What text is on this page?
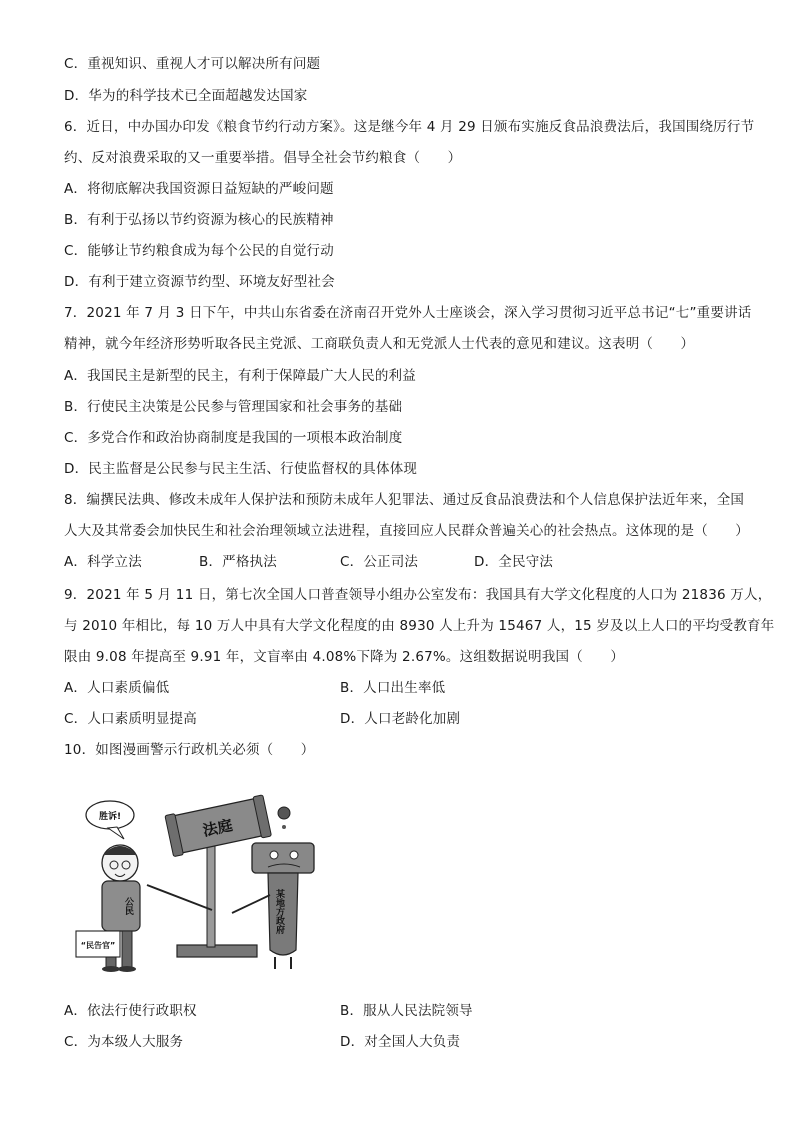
C．重视知识、重视人才可以解决所有问题
D．华为的科学技术已全面超越发达国家
6．近日，中办国办印发《粮食节约行动方案》。这是继今年 4 月 29 日颁布实施反食品浪费法后，我国围绕厉行节
约、反对浪费采取的又一重要举措。倡导全社会节约粮食（　　）
A．将彻底解决我国资源日益短缺的严峻问题
B．有利于弘扬以节约资源为核心的民族精神
C．能够让节约粮食成为每个公民的自觉行动
D．有利于建立资源节约型、环境友好型社会
7．2021 年 7 月 3 日下午，中共山东省委在济南召开党外人士座谈会，深入学习贯彻习近平总书记“七”重要讲话
精神，就今年经济形势听取各民主党派、工商联负责人和无党派人士代表的意见和建议。这表明（　　）
A．我国民主是新型的民主，有利于保障最广大人民的利益
B．行使民主决策是公民参与管理国家和社会事务的基础
C．多党合作和政治协商制度是我国的一项根本政治制度
D．民主监督是公民参与民主生活、行使监督权的具体体现
8．编撰民法典、修改未成年人保护法和预防未成年人犯罪法、通过反食品浪费法和个人信息保护法近年来，全国
人大及其常委会加快民生和社会治理领域立法进程，直接回应人民群众普遍关心的社会热点。这体现的是（　　）
A．科学立法	B．严格执法	C．公正司法	D．全民守法
9．2021 年 5 月 11 日，第七次全国人口普查领导小组办公室发布：我国具有大学文化程度的人口为 21836 万人，
与 2010 年相比，每 10 万人中具有大学文化程度的由 8930 人上升为 15467 人，15 岁及以上人口的平均受教育年
限由 9.08 年提高至 9.91 年，文盲率由 4.08%下降为 2.67%。这组数据说明我国（　　）
A．人口素质偏低	B．人口出生率低
C．人口素质明显提高	D．人口老龄化加剧
10．如图漫画警示行政机关必须（　　）
法庭
胜诉!
公民
“民告官”
某地方政府
A．依法行使行政职权	B．服从人民法院领导
C．为本级人大服务	D．对全国人大负责
